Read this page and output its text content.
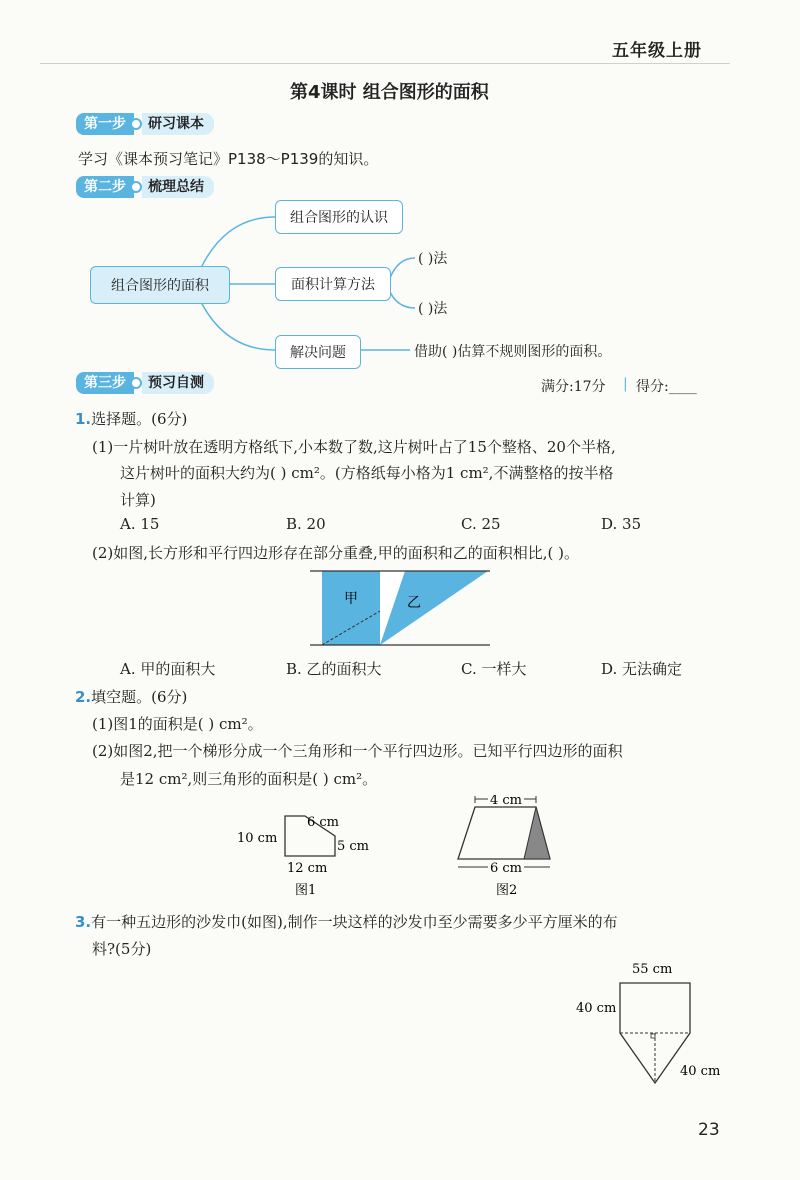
五年级上册
第4课时 组合图形的面积
第一步	研习课本
学习《课本预习笔记》P138～P139的知识。
第二步	梳理总结
组合图形的面积
组合图形的认识
面积计算方法
解决问题
( )法
( )法
借助( )估算不规则图形的面积。
第三步	预习自测	满分:17分 | 得分:____
1.选择题。(6分)
(1)一片树叶放在透明方格纸下,小本数了数,这片树叶占了15个整格、20个半格,
这片树叶的面积大约为( ) cm²。(方格纸每小格为1 cm²,不满整格的按半格
计算)
A. 15	B. 20	C. 25	D. 35
(2)如图,长方形和平行四边形存在部分重叠,甲的面积和乙的面积相比,( )。
甲	乙
A. 甲的面积大	B. 乙的面积大	C. 一样大	D. 无法确定
2.填空题。(6分)
(1)图1的面积是( ) cm²。
(2)如图2,把一个梯形分成一个三角形和一个平行四边形。已知平行四边形的面积
是12 cm²,则三角形的面积是( ) cm²。
10 cm
6 cm
5 cm
12 cm
图1
4 cm
6 cm
图2
3.有一种五边形的沙发巾(如图),制作一块这样的沙发巾至少需要多少平方厘米的布
料?(5分)
55 cm
40 cm
40 cm
23
